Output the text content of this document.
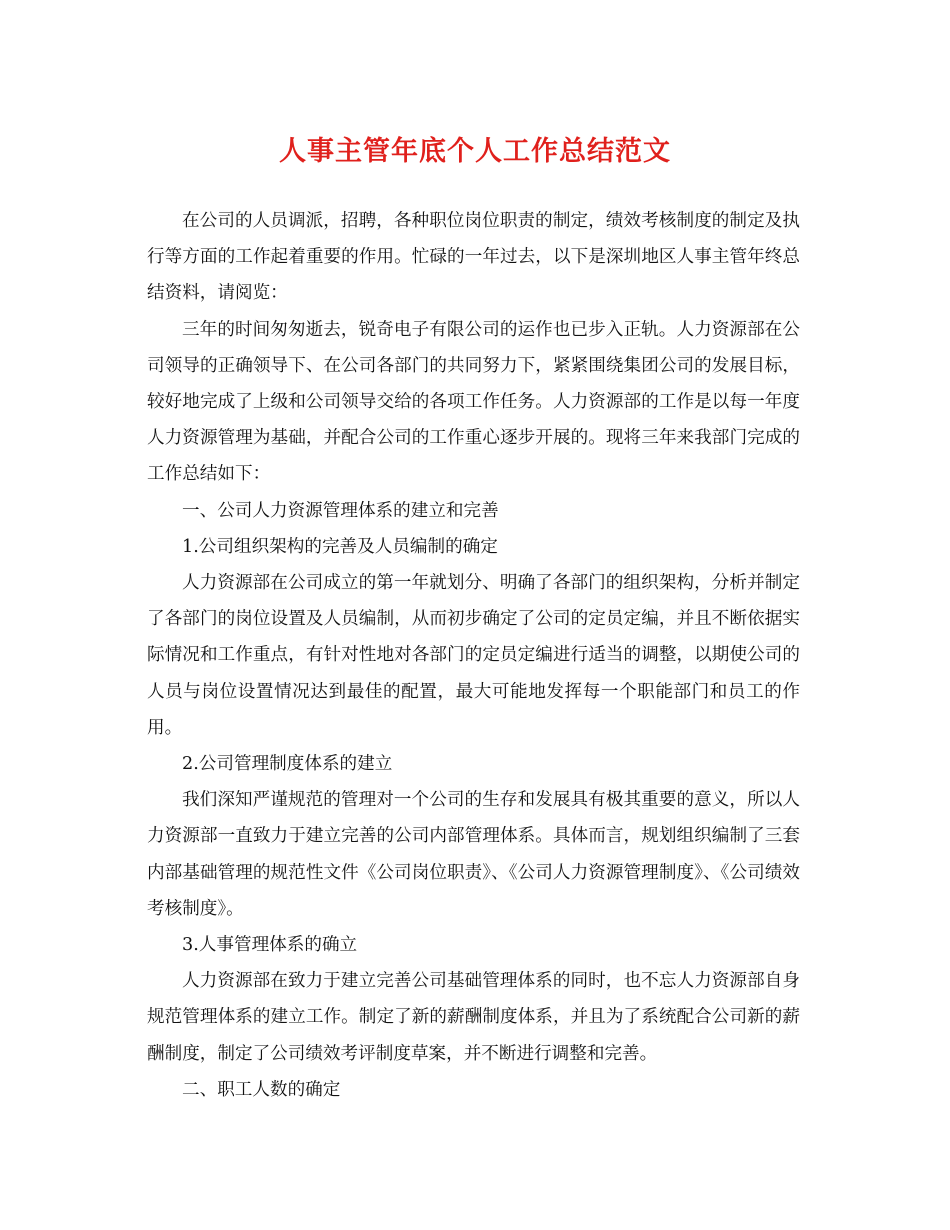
人事主管年底个人工作总结范文

在公司的人员调派，招聘，各种职位岗位职责的制定，绩效考核制度的制定及执行等方面的工作起着重要的作用。忙碌的一年过去，以下是深圳地区人事主管年终总结资料，请阅览：

三年的时间匆匆逝去，锐奇电子有限公司的运作也已步入正轨。人力资源部在公司领导的正确领导下、在公司各部门的共同努力下，紧紧围绕集团公司的发展目标，较好地完成了上级和公司领导交给的各项工作任务。人力资源部的工作是以每一年度人力资源管理为基础，并配合公司的工作重心逐步开展的。现将三年来我部门完成的工作总结如下：

一、公司人力资源管理体系的建立和完善

1.公司组织架构的完善及人员编制的确定

人力资源部在公司成立的第一年就划分、明确了各部门的组织架构，分析并制定了各部门的岗位设置及人员编制，从而初步确定了公司的定员定编，并且不断依据实际情况和工作重点，有针对性地对各部门的定员定编进行适当的调整，以期使公司的人员与岗位设置情况达到最佳的配置，最大可能地发挥每一个职能部门和员工的作用。

2.公司管理制度体系的建立

我们深知严谨规范的管理对一个公司的生存和发展具有极其重要的意义，所以人力资源部一直致力于建立完善的公司内部管理体系。具体而言，规划组织编制了三套内部基础管理的规范性文件《公司岗位职责》、《公司人力资源管理制度》、《公司绩效考核制度》。

3.人事管理体系的确立

人力资源部在致力于建立完善公司基础管理体系的同时，也不忘人力资源部自身规范管理体系的建立工作。制定了新的薪酬制度体系，并且为了系统配合公司新的薪酬制度，制定了公司绩效考评制度草案，并不断进行调整和完善。

二、职工人数的确定
